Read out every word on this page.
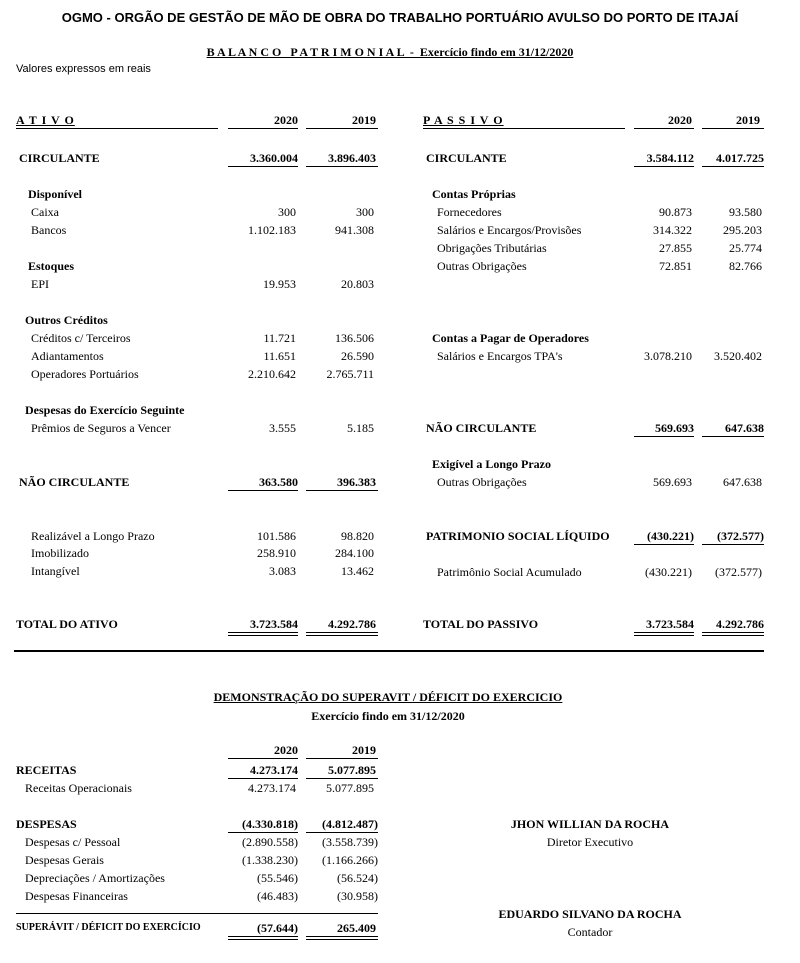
OGMO - ORGÃO DE GESTÃO DE MÃO DE OBRA DO TRABALHO PORTUÁRIO AVULSO DO PORTO DE ITAJAÍ
B A L A N C O   P A T R I M O N I A L  -  Exercício findo em 31/12/2020
Valores expressos em reais
A T I V O	2020	2019
CIRCULANTE	3.360.004	3.896.403
Disponível
Caixa	300	300
Bancos	1.102.183	941.308
Estoques
EPI	19.953	20.803
Outros Créditos
Créditos c/ Terceiros	11.721	136.506
Adiantamentos	11.651	26.590
Operadores Portuários	2.210.642	2.765.711
Despesas do Exercício Seguinte
Prêmios de Seguros a Vencer	3.555	5.185
NÃO CIRCULANTE	363.580	396.383
Realizável a Longo Prazo	101.586	98.820
Imobilizado	258.910	284.100
Intangível	3.083	13.462
TOTAL DO ATIVO	3.723.584	4.292.786
P A S S I V O	2020	2019
CIRCULANTE	3.584.112	4.017.725
Contas Próprias
Fornecedores	90.873	93.580
Salários e Encargos/Provisões	314.322	295.203
Obrigações Tributárias	27.855	25.774
Outras Obrigações	72.851	82.766
Contas a Pagar de Operadores
Salários e Encargos TPA's	3.078.210	3.520.402
NÃO CIRCULANTE	569.693	647.638
Exigível a Longo Prazo
Outras Obrigações	569.693	647.638
PATRIMONIO SOCIAL LÍQUIDO	(430.221)	(372.577)
Patrimônio Social Acumulado	(430.221)	(372.577)
TOTAL DO PASSIVO	3.723.584	4.292.786
DEMONSTRAÇÃO DO SUPERAVIT / DÉFICIT DO EXERCICIO
Exercício findo em 31/12/2020
2020	2019
RECEITAS	4.273.174	5.077.895
Receitas Operacionais	4.273.174	5.077.895
DESPESAS	(4.330.818)	(4.812.487)
Despesas c/ Pessoal	(2.890.558)	(3.558.739)
Despesas Gerais	(1.338.230)	(1.166.266)
Depreciações / Amortizações	(55.546)	(56.524)
Despesas Financeiras	(46.483)	(30.958)
SUPERÁVIT / DÉFICIT DO EXERCÍCIO	(57.644)	265.409
JHON WILLIAN DA ROCHA
Diretor Executivo
EDUARDO SILVANO DA ROCHA
Contador
